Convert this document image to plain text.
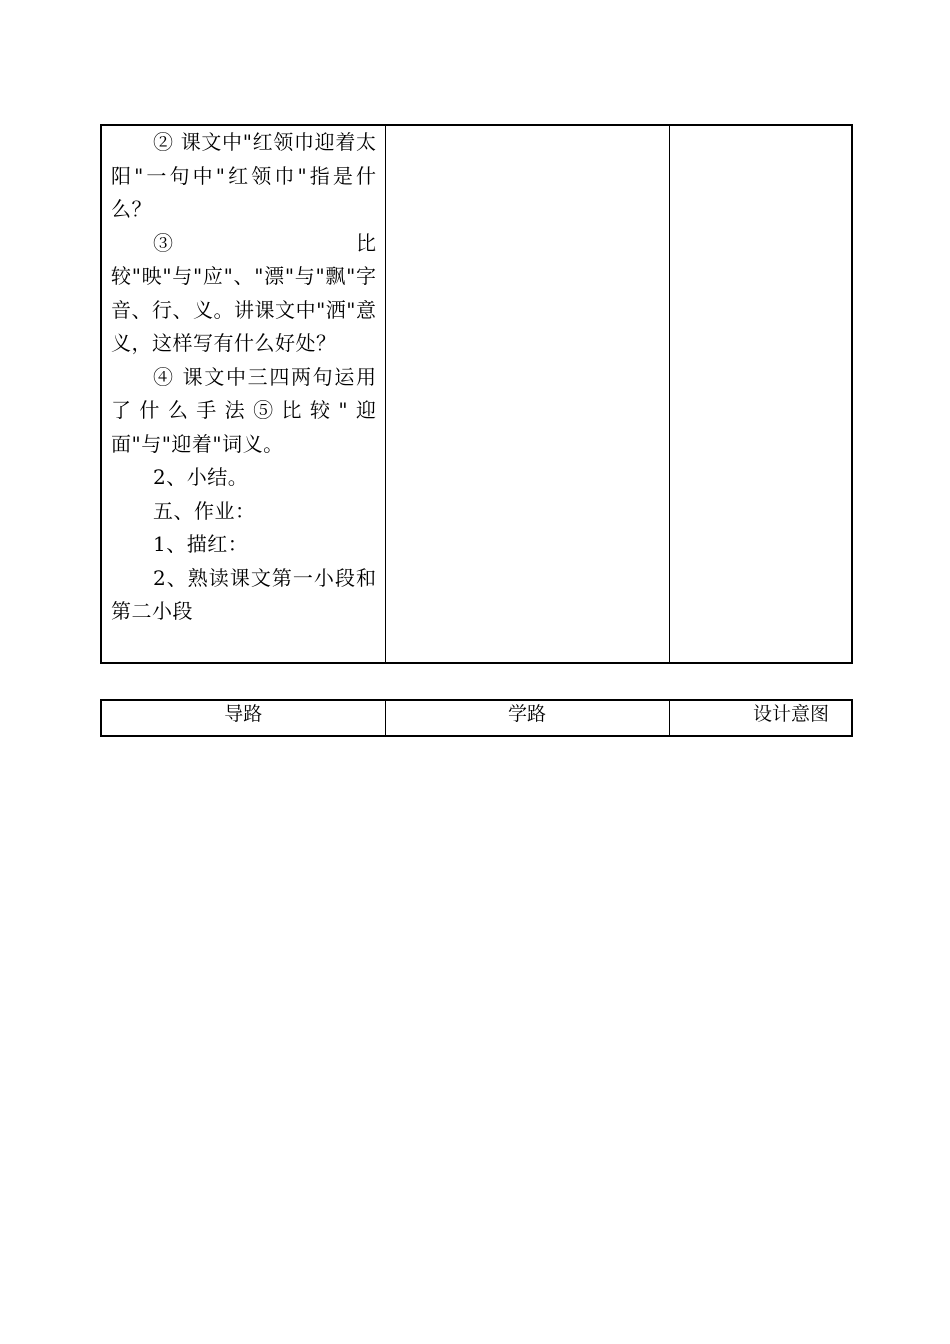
② 课文中"红领巾迎着太阳"一句中"红领巾"指是什么？

③　　　　　比较"映"与"应"、"漂"与"飘"字音、行、义。讲课文中"洒"意义，这样写有什么好处？

④ 课文中三四两句运用了什么手法⑤比较"迎面"与"迎着"词义。

2、小结。

五、作业：

1、描红：

2、熟读课文第一小段和第二小段

导路	学路	设计意图
